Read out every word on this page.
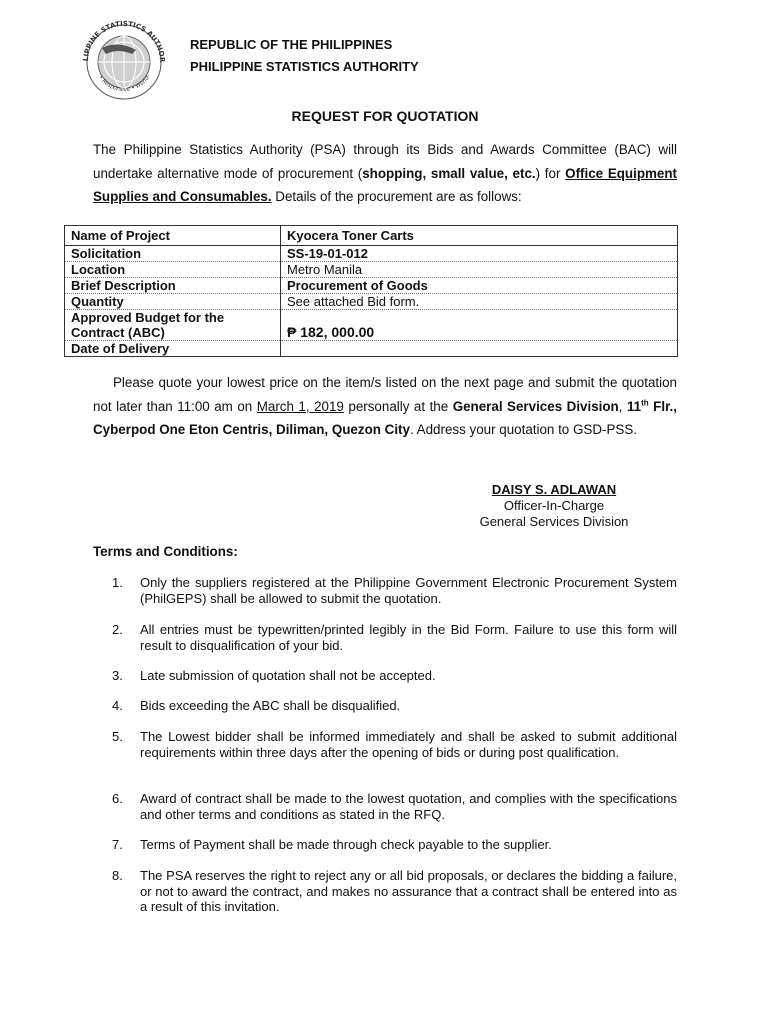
LIPPINE STATISTICS AUTHOR
• Responsive • World-
REPUBLIC OF THE PHILIPPINES
PHILIPPINE STATISTICS AUTHORITY
REQUEST FOR QUOTATION

The Philippine Statistics Authority (PSA) through its Bids and Awards Committee (BAC) will undertake alternative mode of procurement (shopping, small value, etc.) for Office Equipment Supplies and Consumables. Details of the procurement are as follows:

Name of Project	Kyocera Toner Carts
Solicitation	SS-19-01-012
Location	Metro Manila
Brief Description	Procurement of Goods
Quantity	See attached Bid form.
Approved Budget for the
Contract (ABC)	₱ 182, 000.00
Date of Delivery	

Please quote your lowest price on the item/s listed on the next page and submit the quotation not later than 11:00 am on March 1, 2019 personally at the General Services Division, 11th Flr., Cyberpod One Eton Centris, Diliman, Quezon City. Address your quotation to GSD-PSS.

DAISY S. ADLAWAN
Officer-In-Charge
General Services Division
Terms and Conditions:
1.	Only the suppliers registered at the Philippine Government Electronic Procurement System (PhilGEPS) shall be allowed to submit the quotation.
2.	All entries must be typewritten/printed legibly in the Bid Form. Failure to use this form will result to disqualification of your bid.
3.	Late submission of quotation shall not be accepted.
4.	Bids exceeding the ABC shall be disqualified.
5.	The Lowest bidder shall be informed immediately and shall be asked to submit additional requirements within three days after the opening of bids or during post qualification.
6.	Award of contract shall be made to the lowest quotation, and complies with the specifications and other terms and conditions as stated in the RFQ.
7.	Terms of Payment shall be made through check payable to the supplier.
8.	The PSA reserves the right to reject any or all bid proposals, or declares the bidding a failure, or not to award the contract, and makes no assurance that a contract shall be entered into as a result of this invitation.
